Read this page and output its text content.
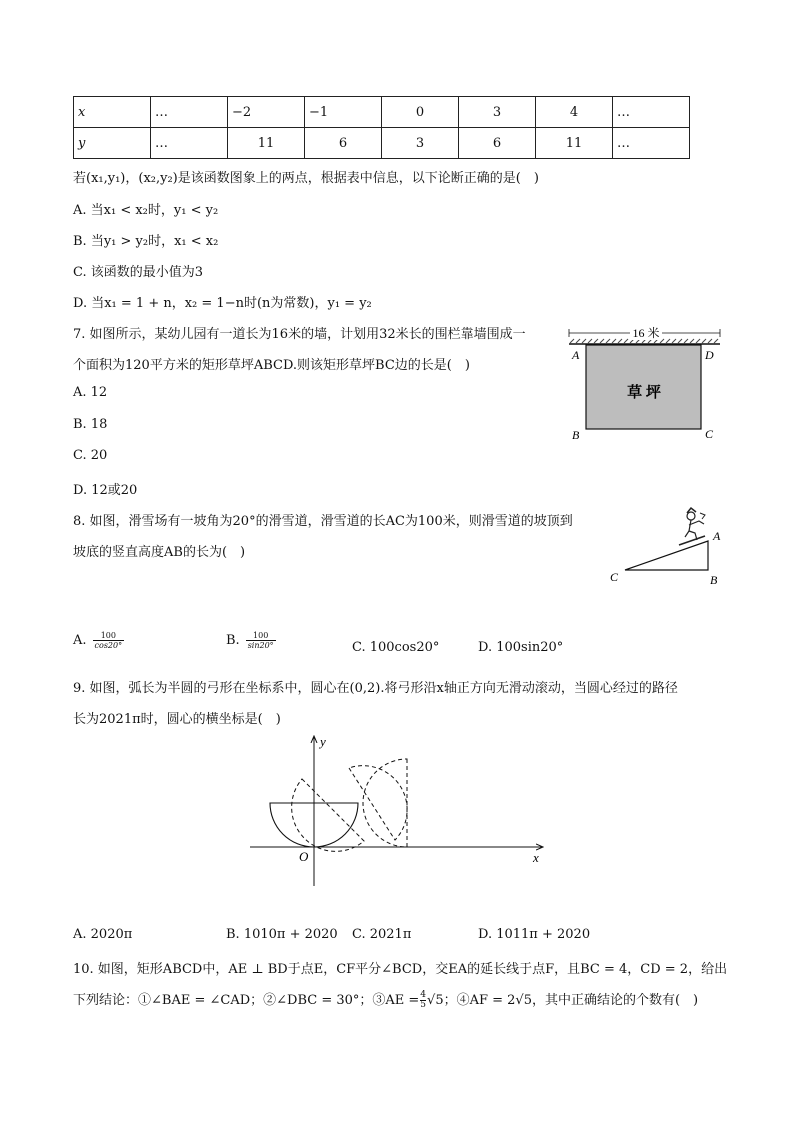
x	…	−2	−1	0	3	4	…
y	…	11	6	3	6	11	…
若(x₁,y₁)，(x₂,y₂)是该函数图象上的两点，根据表中信息，以下论断正确的是(　)
A. 当x₁ < x₂时，y₁ < y₂
B. 当y₁ > y₂时，x₁ < x₂
C. 该函数的最小值为3
D. 当x₁ = 1 + n，x₂ = 1−n时(n为常数)，y₁ = y₂
7. 如图所示，某幼儿园有一道长为16米的墙，计划用32米长的围栏靠墙围成一
个面积为120平方米的矩形草坪ABCD.则该矩形草坪BC边的长是(　)
A. 12
B. 18
C. 20
D. 12或20
16 米
草 坪
A	D
B	C
8. 如图，滑雪场有一坡角为20°的滑雪道，滑雪道的长AC为100米，则滑雪道的坡顶到
坡底的竖直高度AB的长为(　)
A
B
C
A. $\frac{100}{\cos 20^\circ}$	B. $\frac{100}{\sin 20^\circ}$	C. 100cos20°	D. 100sin20°
9. 如图，弧长为半圆的弓形在坐标系中，圆心在(0,2).将弓形沿x轴正方向无滑动滚动，当圆心经过的路径
长为2021π时，圆心的横坐标是(　)
x
y
O
A. 2020π	B. 1010π + 2020 C. 2021π	D. 1011π + 2020
10. 如图，矩形ABCD中，AE ⊥ BD于点E，CF平分∠BCD，交EA的延长线于点F，且BC = 4，CD = 2，给出
下列结论：①∠BAE = ∠CAD；②∠DBC = 30°；③AE = $\frac{4}{5} √5$；④AF = 2√5，其中正确结论的个数有(　)
